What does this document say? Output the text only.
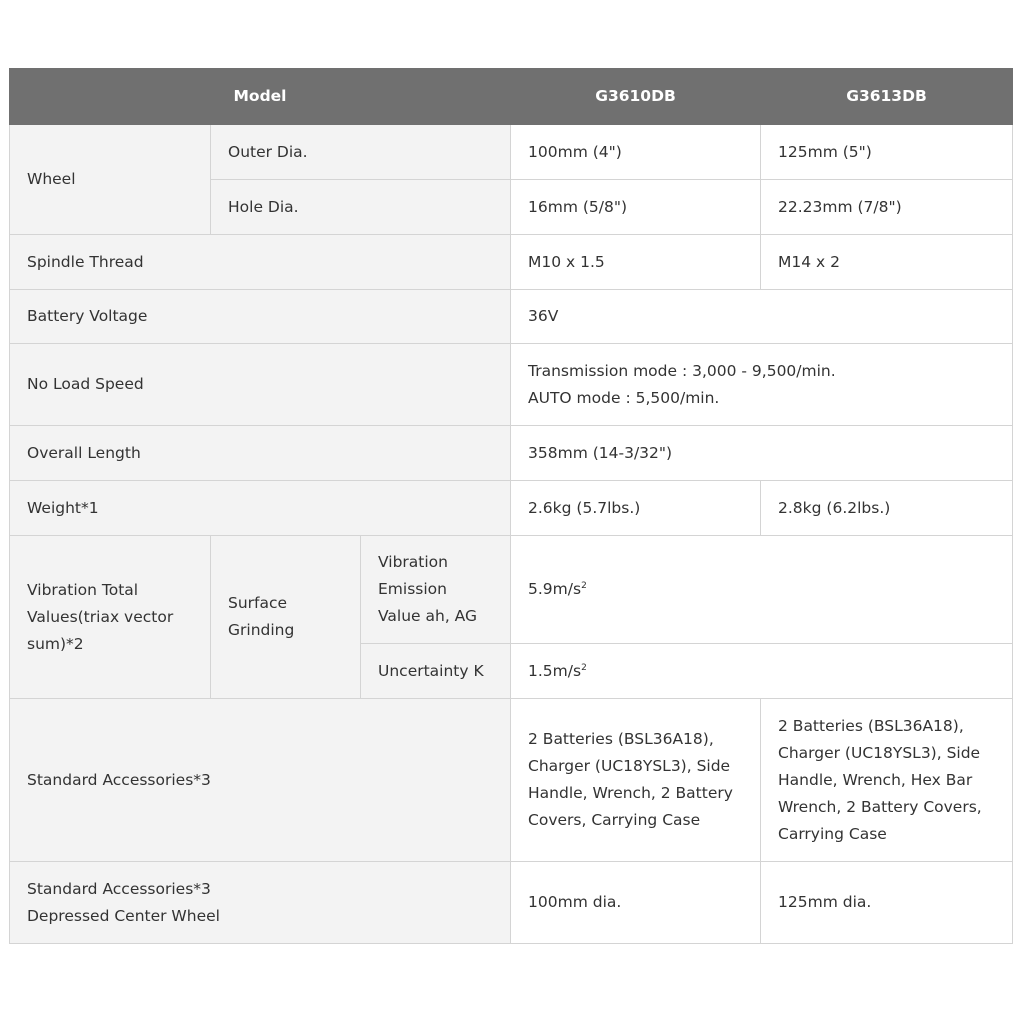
Model			G3610DB	G3613DB
Wheel	Outer Dia.		100mm (4")	125mm (5")
	Hole Dia.		16mm (5/8")	22.23mm (7/8")
Spindle Thread			M10 x 1.5	M14 x 2
Battery Voltage			36V	
No Load Speed			Transmission mode : 3,000 - 9,500/min.
AUTO mode : 5,500/min.	

Overall Length			358mm (14-3/32")	
Weight*1			2.6kg (5.7lbs.)	2.8kg (6.2lbs.)
Vibration Total Values(triax vector sum)*2	Surface Grinding	Vibration Emission Value ah, AG	$5.9m/s^2$
		Uncertainty K	$1.5m/s^2$
Standard Accessories*3			2 Batteries (BSL36A18), Charger (UC18YSL3), Side Handle, Wrench, 2 Battery Covers, Carrying Case	2 Batteries (BSL36A18), Charger (UC18YSL3), Side Handle, Wrench, Hex Bar Wrench, 2 Battery Covers, Carrying Case

Standard Accessories*3
Depressed Center Wheel			100mm dia.	125mm dia.
